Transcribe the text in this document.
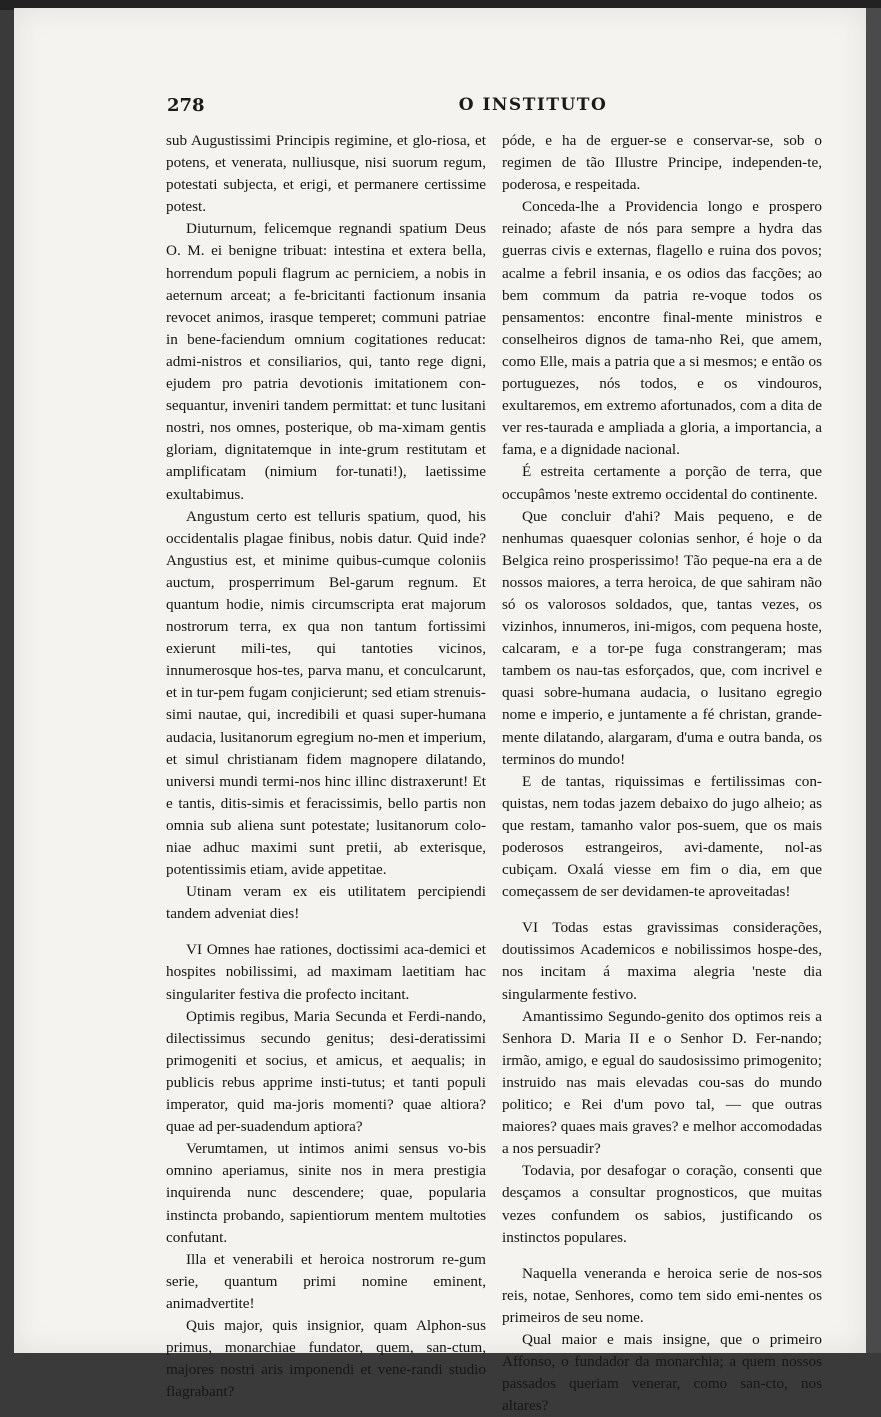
278	O INSTITUTO

sub Augustissimi Principis regimine, et glo-riosa, et potens, et venerata, nulliusque, nisi suorum regum, potestati subjecta, et erigi, et permanere certissime potest.

Diuturnum, felicemque regnandi spatium Deus O. M. ei benigne tribuat: intestina et extera bella, horrendum populi flagrum ac perniciem, a nobis in aeternum arceat; a fe-bricitanti factionum insania revocet animos, irasque temperet; communi patriae in bene-faciendum omnium cogitationes reducat: admi-nistros et consiliarios, qui, tanto rege digni, ejudem pro patria devotionis imitationem con-sequantur, inveniri tandem permittat: et tunc lusitani nostri, nos omnes, posterique, ob ma-ximam gentis gloriam, dignitatemque in inte-grum restitutam et amplificatam (nimium for-tunati!), laetissime exultabimus.

Angustum certo est telluris spatium, quod, his occidentalis plagae finibus, nobis datur. Quid inde? Angustius est, et minime quibus-cumque coloniis auctum, prosperrimum Bel-garum regnum. Et quantum hodie, nimis circumscripta erat majorum nostrorum terra, ex qua non tantum fortissimi exierunt mili-tes, qui tantoties vicinos, innumerosque hos-tes, parva manu, et conculcarunt, et in tur-pem fugam conjicierunt; sed etiam strenuis-simi nautae, qui, incredibili et quasi super-humana audacia, lusitanorum egregium no-men et imperium, et simul christianam fidem magnopere dilatando, universi mundi termi-nos hinc illinc distraxerunt! Et e tantis, ditis-simis et feracissimis, bello partis non omnia sub aliena sunt potestate; lusitanorum colo-niae adhuc maximi sunt pretii, ab exterisque, potentissimis etiam, avide appetitae.

Utinam veram ex eis utilitatem percipiendi tandem adveniat dies!

VI Omnes hae rationes, doctissimi aca-demici et hospites nobilissimi, ad maximam laetitiam hac singulariter festiva die profecto incitant.

Optimis regibus, Maria Secunda et Ferdi-nando, dilectissimus secundo genitus; desi-deratissimi primogeniti et socius, et amicus, et aequalis; in publicis rebus apprime insti-tutus; et tanti populi imperator, quid ma-joris momenti? quae altiora? quae ad per-suadendum aptiora?

Verumtamen, ut intimos animi sensus vo-bis omnino aperiamus, sinite nos in mera prestigia inquirenda nunc descendere; quae, popularia instincta probando, sapientiorum mentem multoties confutant.

Illa et venerabili et heroica nostrorum re-gum serie, quantum primi nomine eminent, animadvertite!

Quis major, quis insignior, quam Alphon-sus primus, monarchiae fundator, quem, san-ctum, majores nostri aris imponendi et vene-randi studio flagrabant?

póde, e ha de erguer-se e conservar-se, sob o regimen de tão Illustre Principe, independen-te, poderosa, e respeitada.

Conceda-lhe a Providencia longo e prospero reinado; afaste de nós para sempre a hydra das guerras civis e externas, flagello e ruina dos povos; acalme a febril insania, e os odios das facções; ao bem commum da patria re-voque todos os pensamentos: encontre final-mente ministros e conselheiros dignos de tama-nho Rei, que amem, como Elle, mais a patria que a si mesmos; e então os portuguezes, nós todos, e os vindouros, exultaremos, em extremo afortunados, com a dita de ver res-taurada e ampliada a gloria, a importancia, a fama, e a dignidade nacional.

É estreita certamente a porção de terra, que occupâmos 'neste extremo occidental do continente.

Que concluir d'ahi? Mais pequeno, e de nenhumas quaesquer colonias senhor, é hoje o da Belgica reino prosperissimo! Tão peque-na era a de nossos maiores, a terra heroica, de que sahiram não só os valorosos soldados, que, tantas vezes, os vizinhos, innumeros, ini-migos, com pequena hoste, calcaram, e a tor-pe fuga constrangeram; mas tambem os nau-tas esforçados, que, com incrivel e quasi sobre-humana audacia, o lusitano egregio nome e imperio, e juntamente a fé christan, grande-mente dilatando, alargaram, d'uma e outra banda, os terminos do mundo!

E de tantas, riquissimas e fertilissimas con-quistas, nem todas jazem debaixo do jugo alheio; as que restam, tamanho valor pos-suem, que os mais poderosos estrangeiros, avi-damente, nol-as cubiçam. Oxalá viesse em fim o dia, em que começassem de ser devidamen-te aproveitadas!

VI Todas estas gravissimas considerações, doutissimos Academicos e nobilissimos hospe-des, nos incitam á maxima alegria 'neste dia singularmente festivo.

Amantissimo Segundo-genito dos optimos reis a Senhora D. Maria II e o Senhor D. Fer-nando; irmão, amigo, e egual do saudosissimo primogenito; instruido nas mais elevadas cou-sas do mundo politico; e Rei d'um povo tal, — que outras maiores? quaes mais graves? e melhor accomodadas a nos persuadir?

Todavia, por desafogar o coração, consenti que desçamos a consultar prognosticos, que muitas vezes confundem os sabios, justificando os instinctos populares.

Naquella veneranda e heroica serie de nos-sos reis, notae, Senhores, como tem sido emi-nentes os primeiros de seu nome.

Qual maior e mais insigne, que o primeiro Affonso, o fundador da monarchia; a quem nossos passados queriam venerar, como san-cto, nos altares?
